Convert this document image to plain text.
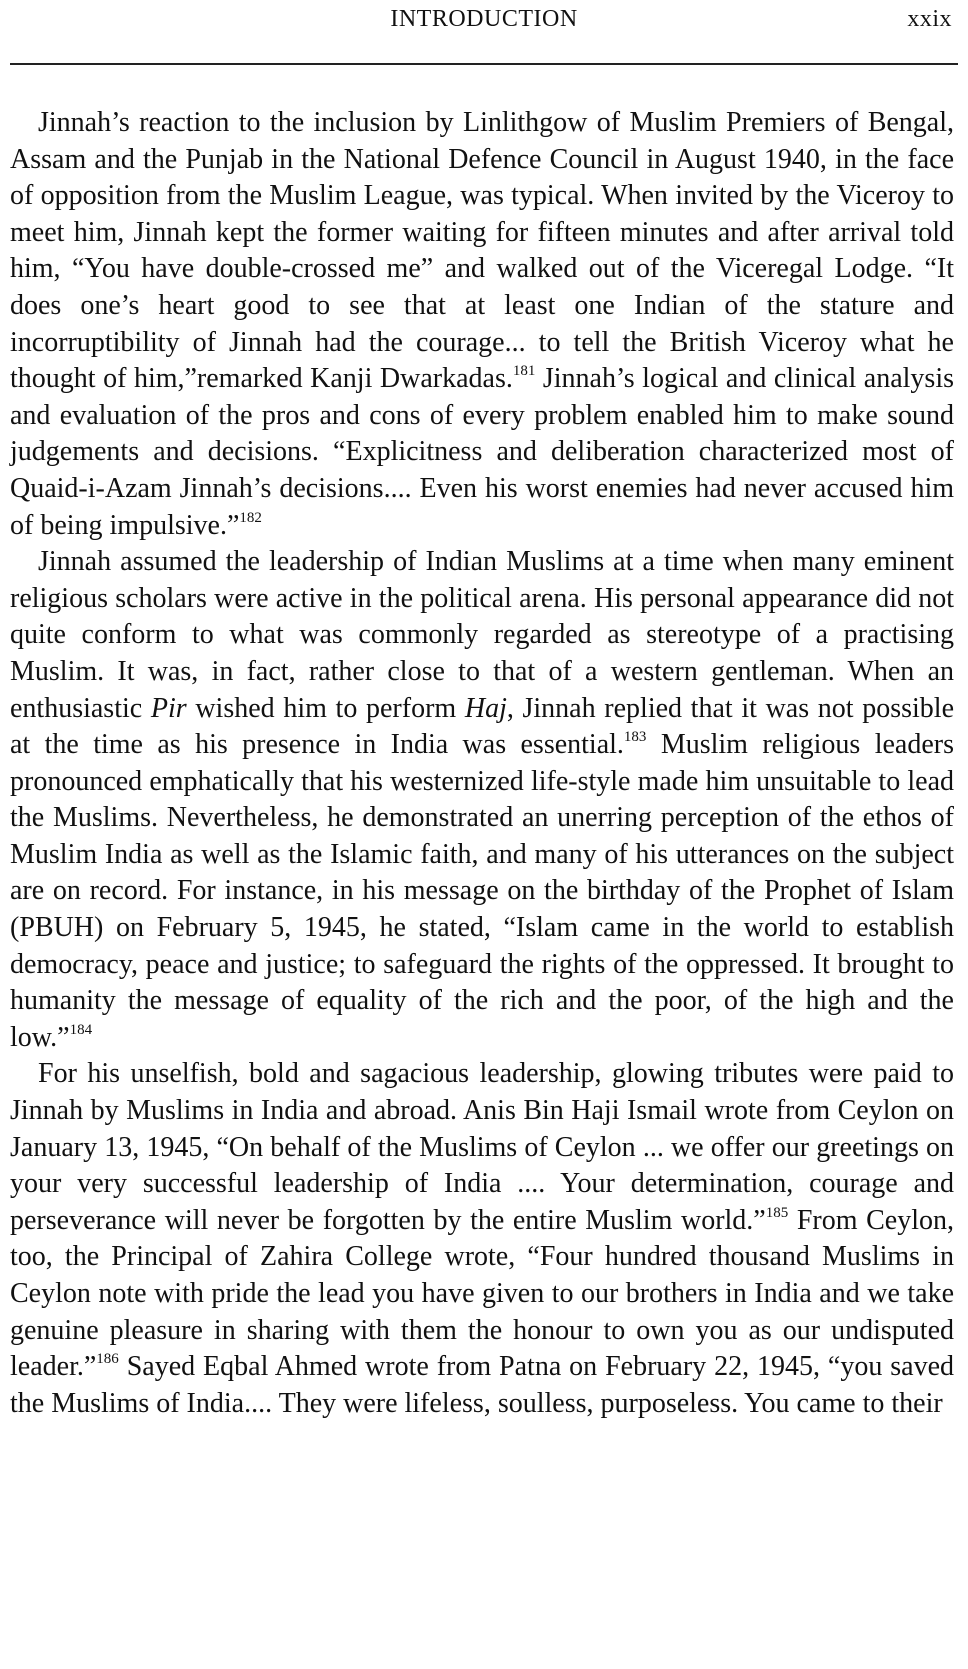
INTRODUCTION	xxix

Jinnah’s reaction to the inclusion by Linlithgow of Muslim Premiers of Bengal, Assam and the Punjab in the National Defence Council in August 1940, in the face of opposition from the Muslim League, was typical. When invited by the Viceroy to meet him, Jinnah kept the former waiting for fifteen minutes and after arrival told him, “You have double-crossed me” and walked out of the Viceregal Lodge. “It does one’s heart good to see that at least one Indian of the stature and incorruptibility of Jinnah had the courage... to tell the British Viceroy what he thought of him,”remarked Kanji Dwarkadas.$^{181}$ Jinnah’s logical and clinical analysis and evaluation of the pros and cons of every problem enabled him to make sound judgements and decisions. “Explicitness and deliberation characterized most of Quaid-i-Azam Jinnah’s decisions.... Even his worst enemies had never accused him of being impulsive.”$^{182}$

Jinnah assumed the leadership of Indian Muslims at a time when many eminent religious scholars were active in the political arena. His personal appearance did not quite conform to what was commonly regarded as stereotype of a practising Muslim. It was, in fact, rather close to that of a western gentleman. When an enthusiastic Pir wished him to perform Haj, Jinnah replied that it was not possible at the time as his presence in India was essential.$^{183}$ Muslim religious leaders pronounced emphatically that his westernized life-style made him unsuitable to lead the Muslims. Nevertheless, he demonstrated an unerring perception of the ethos of Muslim India as well as the Islamic faith, and many of his utterances on the subject are on record. For instance, in his message on the birthday of the Prophet of Islam (PBUH) on February 5, 1945, he stated, “Islam came in the world to establish democracy, peace and justice; to safeguard the rights of the oppressed. It brought to humanity the message of equality of the rich and the poor, of the high and the low.”$^{184}$

For his unselfish, bold and sagacious leadership, glowing tributes were paid to Jinnah by Muslims in India and abroad. Anis Bin Haji Ismail wrote from Ceylon on January 13, 1945, “On behalf of the Muslims of Ceylon ... we offer our greetings on your very successful leadership of India .... Your determination, courage and perseverance will never be forgotten by the entire Muslim world.”$^{185}$ From Ceylon, too, the Principal of Zahira College wrote, “Four hundred thousand Muslims in Ceylon note with pride the lead you have given to our brothers in India and we take genuine pleasure in sharing with them the honour to own you as our undisputed leader.”$^{186}$ Sayed Eqbal Ahmed wrote from Patna on February 22, 1945, “you saved the Muslims of India.... They were lifeless, soulless, purposeless. You came to their
